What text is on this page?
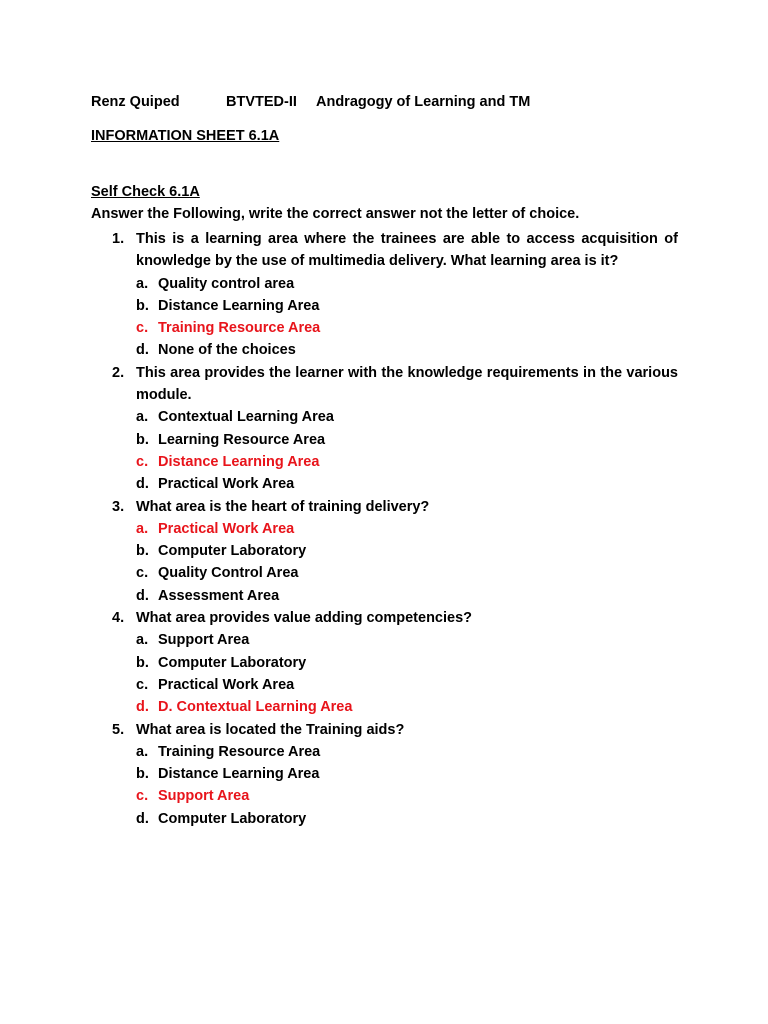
Renz Quiped	BTVTED-II Andragogy of Learning and TM
INFORMATION SHEET 6.1A
Self Check 6.1A
Answer the Following, write the correct answer not the letter of choice.
1. This is a learning area where the trainees are able to access acquisition of knowledge by the use of multimedia delivery. What learning area is it?
a. Quality control area
b. Distance Learning Area
c. Training Resource Area
d. None of the choices
2. This area provides the learner with the knowledge requirements in the various module.
a. Contextual Learning Area
b. Learning Resource Area
c. Distance Learning Area
d. Practical Work Area
3. What area is the heart of training delivery?
a. Practical Work Area
b. Computer Laboratory
c. Quality Control Area
d. Assessment Area
4. What area provides value adding competencies?
a. Support Area
b. Computer Laboratory
c. Practical Work Area
d. D. Contextual Learning Area
5. What area is located the Training aids?
a. Training Resource Area
b. Distance Learning Area
c. Support Area
d. Computer Laboratory
